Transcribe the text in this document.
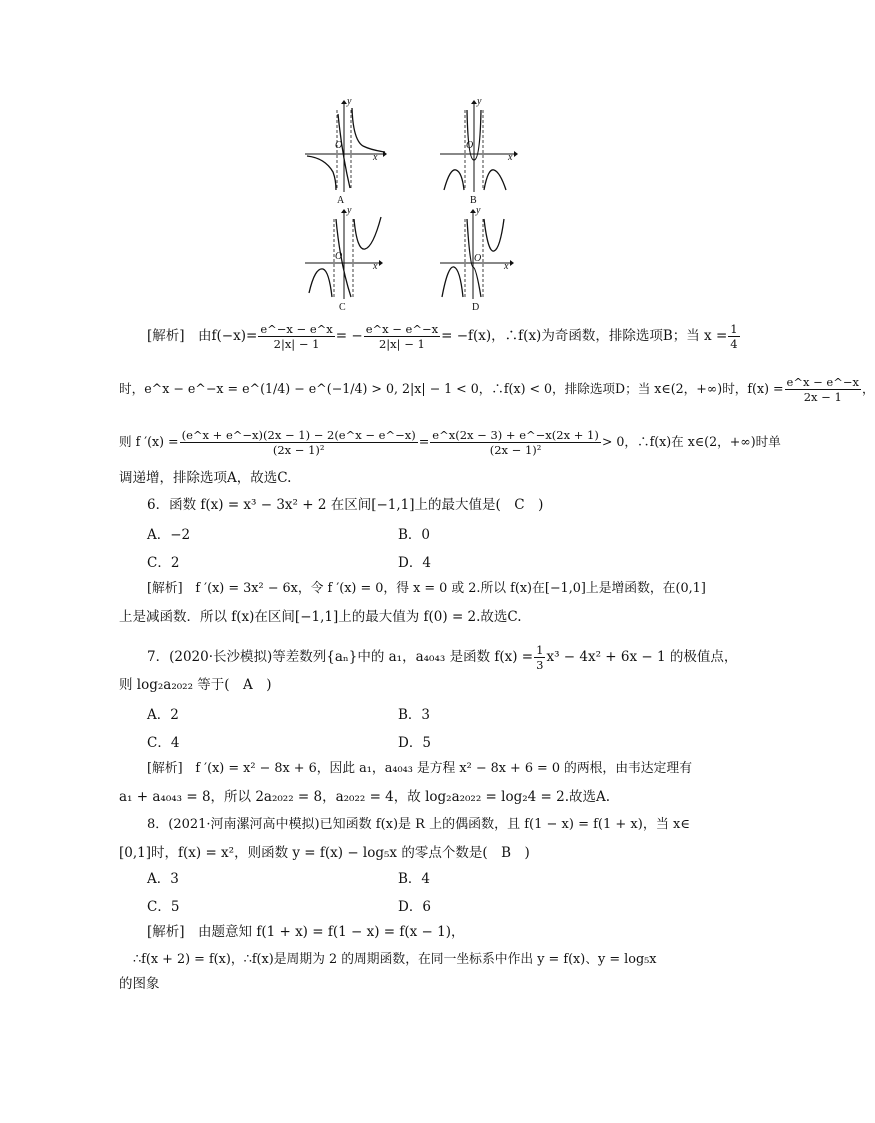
y
x
O
A
y
x
O
B
y
x
O
C
y
x
O
D
[解析]　由$f(-x)= \frac{e\^{}-x - e\^{}x}{2|x| - 1}$ = − $\frac{e\^{}x - e\^{}-x}{2|x| - 1} = -f(x)$，∴f(x)为奇函数，排除选项B；当 $x = \frac{1}{4}$
时，e^x − e^−x = e^(1/4) − e^(−1/4) > 0, 2|x| − 1 < 0，∴f(x) < 0，排除选项D；当 x∈(2，+∞)时，$f(x) = \frac{e\^{}x - e\^{}-x}{2x - 1}$ ，
则 f $'(x) = \frac{(e\^{}x + e\^{}-x)(2x - 1) - 2(e\^{}x - e\^{}-x)}{\text{(2x − 1)²}} = \frac{e\^{}x(2x - 3) + e\^{}-x(2x + 1)}{\text{(2x − 1)²}} > 0$，∴f(x)在 x∈(2，+∞)时单
调递增，排除选项A，故选C.
6．函数 f(x) = x³ − 3x² + 2 在区间[−1,1]上的最大值是(　C　)
A．−2	B．0
C．2	D．4
[解析]　f ′(x) = 3x² − 6x，令 f ′(x) = 0，得 x = 0 或 2.所以 f(x)在[−1,0]上是增函数，在(0,1]
上是减函数．所以 f(x)在区间[−1,1]上的最大值为 f(0) = 2.故选C.
7．(2020·长沙模拟)等差数列{aₙ}中的 a₁，a₄₀₄₃ 是函数 $f(x) = \frac{1}{3} x^3 - 4x^2 + 6x - 1$ 的极值点，
则 log₂a₂₀₂₂ 等于(　A　)
A．2	B．3
C．4	D．5
[解析]　f ′(x) = x² − 8x + 6，因此 a₁，a₄₀₄₃ 是方程 x² − 8x + 6 = 0 的两根，由韦达定理有
a₁ + a₄₀₄₃ = 8，所以 2a₂₀₂₂ = 8，a₂₀₂₂ = 4，故 log₂a₂₀₂₂ = log₂4 = 2.故选A.
8．(2021·河南漯河高中模拟)已知函数 f(x)是 R 上的偶函数，且 f(1 − x) = f(1 + x)，当 x∈
[0,1]时，f(x) = x²，则函数 y = f(x) − log₅x 的零点个数是(　B　)
A．3	B．4
C．5	D．6
[解析]　由题意知 f(1 + x) = f(1 − x) = f(x − 1)，
∴f(x + 2) = f(x)，∴f(x)是周期为 2 的周期函数，在同一坐标系中作出 y = f(x)、y = log₅x
的图象
